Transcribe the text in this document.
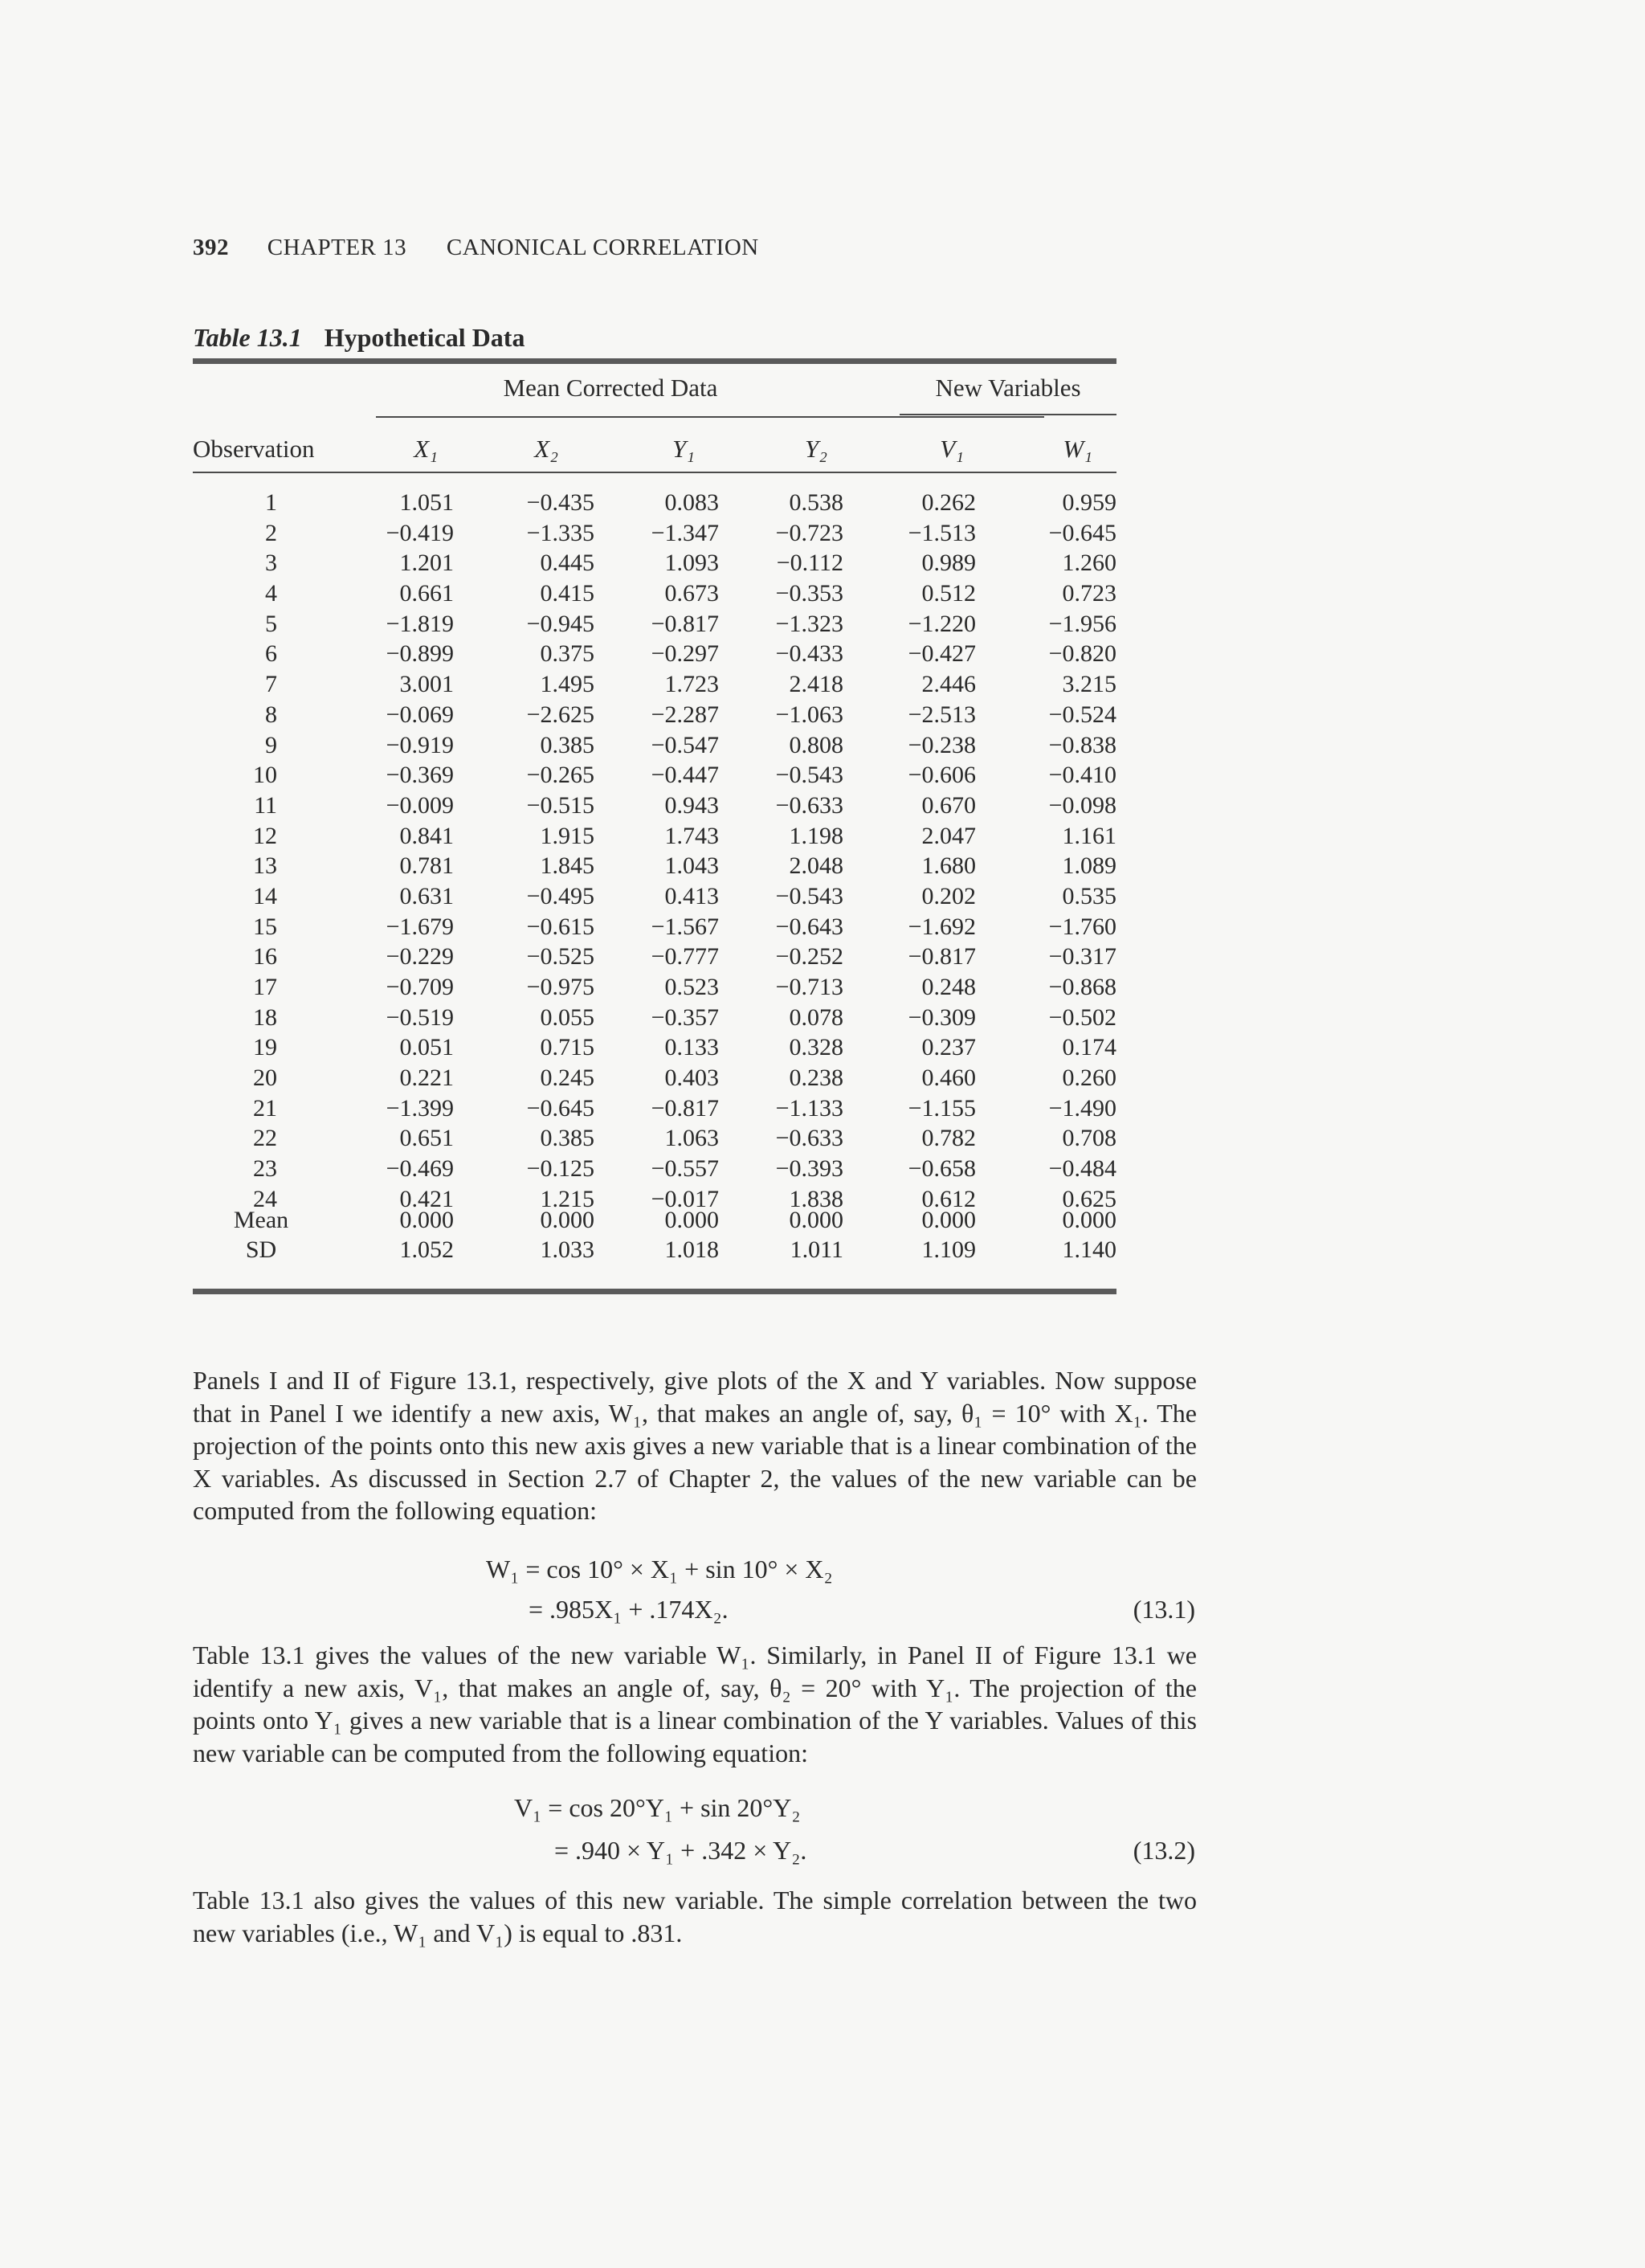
392 CHAPTER 13 CANONICAL CORRELATION
Table 13.1 Hypothetical Data
Mean Corrected Data	New Variables
Observation	X₁	X₂	Y₁	Y₂	V₁	W₁
1	1.051	−0.435	0.083	0.538	0.262	0.959
2	−0.419	−1.335	−1.347	−0.723	−1.513	−0.645
3	1.201	0.445	1.093	−0.112	0.989	1.260
4	0.661	0.415	0.673	−0.353	0.512	0.723
5	−1.819	−0.945	−0.817	−1.323	−1.220	−1.956
6	−0.899	0.375	−0.297	−0.433	−0.427	−0.820
7	3.001	1.495	1.723	2.418	2.446	3.215
8	−0.069	−2.625	−2.287	−1.063	−2.513	−0.524
9	−0.919	0.385	−0.547	0.808	−0.238	−0.838
10	−0.369	−0.265	−0.447	−0.543	−0.606	−0.410
11	−0.009	−0.515	0.943	−0.633	0.670	−0.098
12	0.841	1.915	1.743	1.198	2.047	1.161
13	0.781	1.845	1.043	2.048	1.680	1.089
14	0.631	−0.495	0.413	−0.543	0.202	0.535
15	−1.679	−0.615	−1.567	−0.643	−1.692	−1.760
16	−0.229	−0.525	−0.777	−0.252	−0.817	−0.317
17	−0.709	−0.975	0.523	−0.713	0.248	−0.868
18	−0.519	0.055	−0.357	0.078	−0.309	−0.502
19	0.051	0.715	0.133	0.328	0.237	0.174
20	0.221	0.245	0.403	0.238	0.460	0.260
21	−1.399	−0.645	−0.817	−1.133	−1.155	−1.490
22	0.651	0.385	1.063	−0.633	0.782	0.708
23	−0.469	−0.125	−0.557	−0.393	−0.658	−0.484
24	0.421	1.215	−0.017	1.838	0.612	0.625
Mean	0.000	0.000	0.000	0.000	0.000	0.000
SD	1.052	1.033	1.018	1.011	1.109	1.140
Panels I and II of Figure 13.1, respectively, give plots of the X and Y variables. Now suppose that in Panel I we identify a new axis, W₁, that makes an angle of, say, θ₁ = 10° with X₁. The projection of the points onto this new axis gives a new variable that is a linear combination of the X variables. As discussed in Section 2.7 of Chapter 2, the values of the new variable can be computed from the following equation:
W₁ = cos 10° × X₁ + sin 10° × X₂
= .985X₁ + .174X₂.	(13.1)
Table 13.1 gives the values of the new variable W₁. Similarly, in Panel II of Figure 13.1 we identify a new axis, V₁, that makes an angle of, say, θ₂ = 20° with Y₁. The projection of the points onto Y₁ gives a new variable that is a linear combination of the Y variables. Values of this new variable can be computed from the following equation:
V₁ = cos 20°Y₁ + sin 20°Y₂
= .940 × Y₁ + .342 × Y₂.	(13.2)
Table 13.1 also gives the values of this new variable. The simple correlation between the two new variables (i.e., W₁ and V₁) is equal to .831.
